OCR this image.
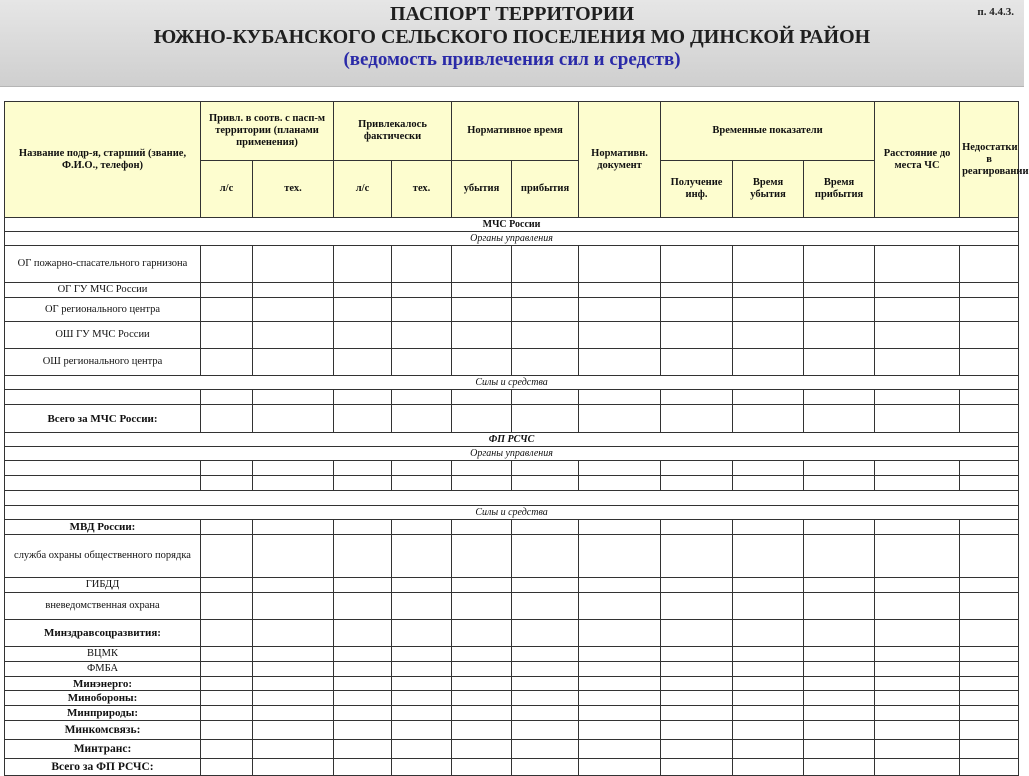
ПАСПОРТ ТЕРРИТОРИИ
ЮЖНО-КУБАНСКОГО СЕЛЬСКОГО ПОСЕЛЕНИЯ МО ДИНСКОЙ РАЙОН
(ведомость привлечения сил и средств)
п. 4.4.3.
Название подр-я, старший (звание, Ф.И.О., телефон)	Привл. в соотв. с пасп-м территории (планами применения)		Привлекалось фактически		Нормативное время		Нормативн. документ	Временные показатели			Расстояние до места ЧС	Недостатки в реагировании
	л/с	тех.	л/с	тех.	убытия	прибытия		Получение инф.	Время убытия	Время прибытия		
МЧС России												
Органы управления												
ОГ пожарно-спасательного гарнизона												
ОГ ГУ МЧС России												
ОГ регионального центра												
ОШ ГУ МЧС России												
ОШ регионального центра												
Силы и средства												

Всего за МЧС России:												
ФП РСЧС												
Органы управления												

Силы и средства												
МВД России:												
служба охраны общественного порядка												
ГИБДД												
вневедомственная охрана												
Минздравсоцразвития:												
ВЦМК												
ФМБА												
Минэнерго:												
Минобороны:												
Минприроды:												
Минкомсвязь:												
Минтранс:												
Всего за ФП РСЧС:												
